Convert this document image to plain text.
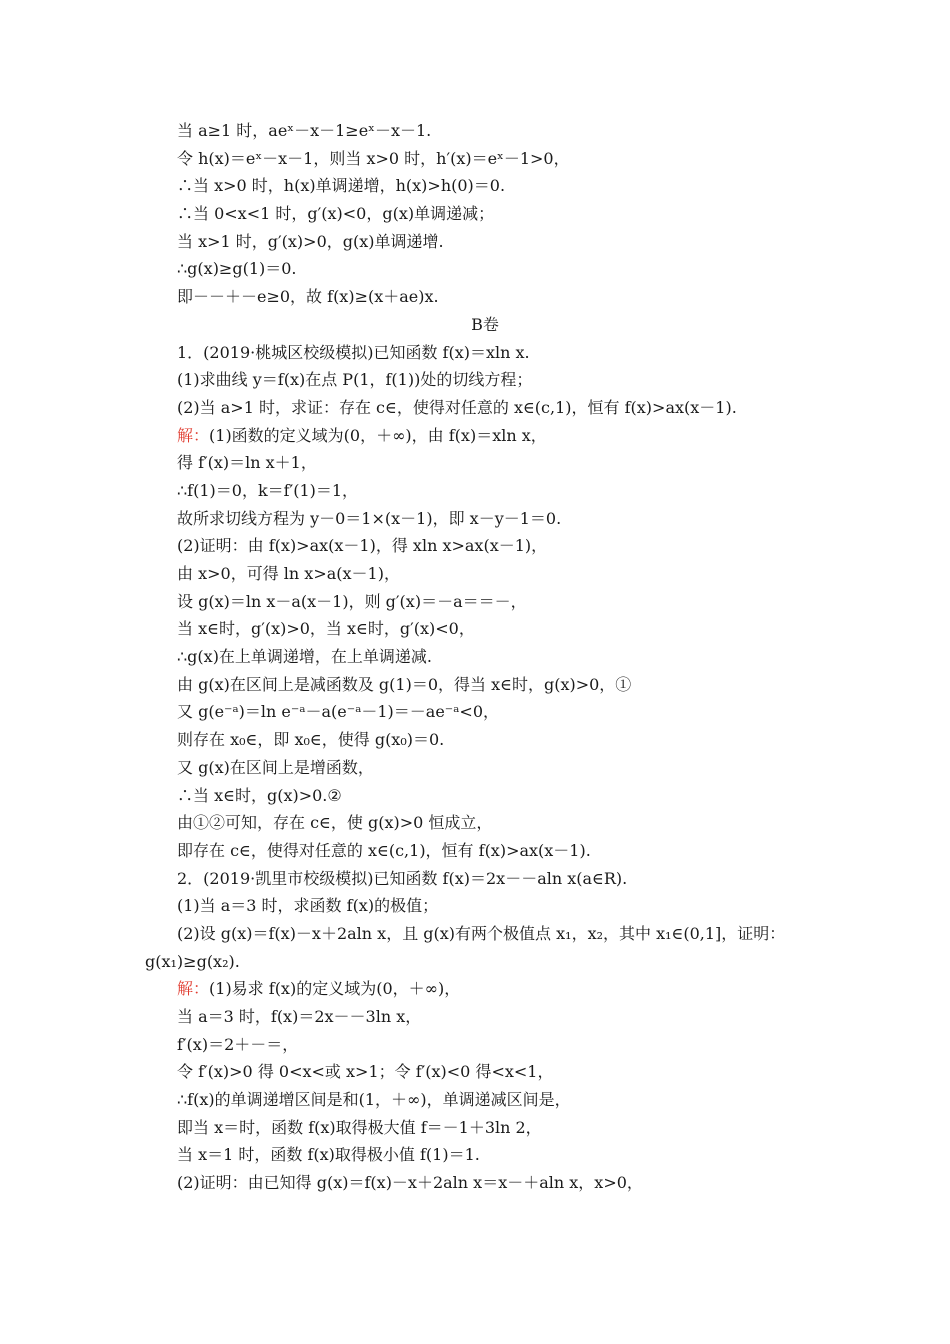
当 a≥1 时，aeˣ－x－1≥eˣ－x－1.
令 h(x)＝eˣ－x－1，则当 x>0 时，h′(x)＝eˣ－1>0，
∴当 x>0 时，h(x)单调递增，h(x)>h(0)＝0.
∴当 0<x<1 时，g′(x)<0，g(x)单调递减；
当 x>1 时，g′(x)>0，g(x)单调递增.
∴g(x)≥g(1)＝0.
即－－＋－e≥0，故 f(x)≥(x＋ae)x.
B卷
1．(2019·桃城区校级模拟)已知函数 f(x)＝xln x.
(1)求曲线 y＝f(x)在点 P(1，f(1))处的切线方程；
(2)当 a>1 时，求证：存在 c∈，使得对任意的 x∈(c,1)，恒有 f(x)>ax(x－1).
解：(1)函数的定义域为(0，＋∞)，由 f(x)＝xln x，
得 f′(x)＝ln x＋1，
∴f(1)＝0，k＝f′(1)＝1，
故所求切线方程为 y－0＝1×(x－1)，即 x－y－1＝0.
(2)证明：由 f(x)>ax(x－1)，得 xln x>ax(x－1)，
由 x>0，可得 ln x>a(x－1)，
设 g(x)＝ln x－a(x－1)，则 g′(x)＝－a＝＝－，
当 x∈时，g′(x)>0，当 x∈时，g′(x)<0，
∴g(x)在上单调递增，在上单调递减.
由 g(x)在区间上是减函数及 g(1)＝0，得当 x∈时，g(x)>0，①
又 g(e⁻ᵃ)＝ln e⁻ᵃ－a(e⁻ᵃ－1)＝－ae⁻ᵃ<0，
则存在 x₀∈，即 x₀∈，使得 g(x₀)＝0.
又 g(x)在区间上是增函数，
∴当 x∈时，g(x)>0.②
由①②可知，存在 c∈，使 g(x)>0 恒成立，
即存在 c∈，使得对任意的 x∈(c,1)，恒有 f(x)>ax(x－1).
2．(2019·凯里市校级模拟)已知函数 f(x)＝2x－－aln x(a∈R).
(1)当 a＝3 时，求函数 f(x)的极值；
(2)设 g(x)＝f(x)－x＋2aln x，且 g(x)有两个极值点 x₁，x₂，其中 x₁∈(0,1]，证明：
g(x₁)≥g(x₂).
解：(1)易求 f(x)的定义域为(0，＋∞)，
当 a＝3 时，f(x)＝2x－－3ln x，
f′(x)＝2＋－＝，
令 f′(x)>0 得 0<x<或 x>1；令 f′(x)<0 得<x<1，
∴f(x)的单调递增区间是和(1，＋∞)，单调递减区间是，
即当 x＝时，函数 f(x)取得极大值 f＝－1＋3ln 2，
当 x＝1 时，函数 f(x)取得极小值 f(1)＝1.
(2)证明：由已知得 g(x)＝f(x)－x＋2aln x＝x－＋aln x，x>0，
